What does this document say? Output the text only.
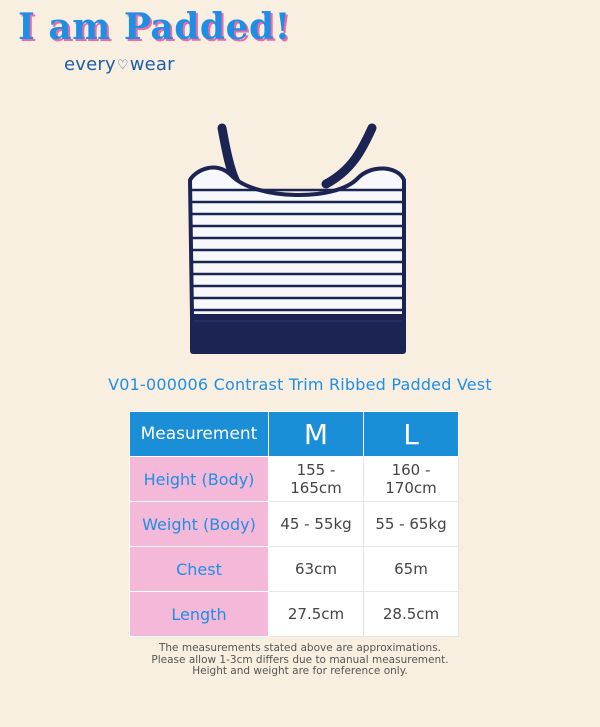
I am Padded!
every♡wear
V01-000006 Contrast Trim Ribbed Padded Vest
Measurement	M	L
Height (Body)	155 - 165cm	160 - 170cm
Weight (Body)	45 - 55kg	55 - 65kg
Chest	63cm	65m
Length	27.5cm	28.5cm
The measurements stated above are approximations.
Please allow 1-3cm differs due to manual measurement.
Height and weight are for reference only.
